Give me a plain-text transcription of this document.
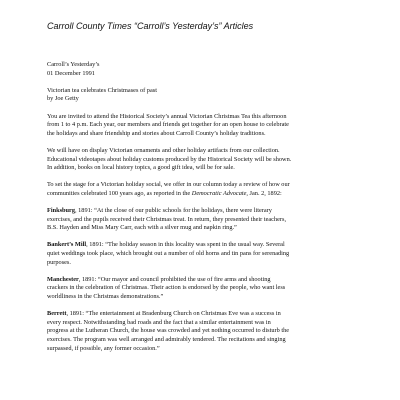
Carroll County Times “Carroll’s Yesterday’s” Articles

Carroll’s Yesterday’s
01 December 1991

Victorian tea celebrates Christmases of past
by Joe Getty

You are invited to attend the Historical Society’s annual Victorian Christmas Tea this afternoon
from 1 to 4 p.m. Each year, our members and friends get together for an open house to celebrate
the holidays and share friendship and stories about Carroll County’s holiday traditions.

We will have on display Victorian ornaments and other holiday artifacts from our collection.
Educational videotapes about holiday customs produced by the Historical Society will be shown.
In addition, books on local history topics, a good gift idea, will be for sale.

To set the stage for a Victorian holiday social, we offer in our column today a review of how our
communities celebrated 100 years ago, as reported in the Democratic Advocate, Jan. 2, 1892:

Finksburg, 1891: “At the close of our public schools for the holidays, there were literary
exercises, and the pupils received their Christmas treat. In return, they presented their teachers,
B.S. Hayden and Miss Mary Carr, each with a silver mug and napkin ring.”

Bankert’s Mill, 1891: “The holiday season in this locality was spent in the usual way. Several
quiet weddings took place, which brought out a number of old horns and tin pans for serenading
purposes.

Manchester, 1891: “Our mayor and council prohibited the use of fire arms and shooting
crackers in the celebration of Christmas. Their action is endorsed by the people, who want less
worldliness in the Christmas demonstrations.”

Berrett, 1891: “The entertainment at Bradenburg Church on Christmas Eve was a success in
every respect. Notwithstanding bad roads and the fact that a similar entertainment was in
progress at the Lutheran Church, the house was crowded and yet nothing occurred to disturb the
exercises. The program was well arranged and admirably tendered. The recitations and singing
surpassed, if possible, any former occasion.”
